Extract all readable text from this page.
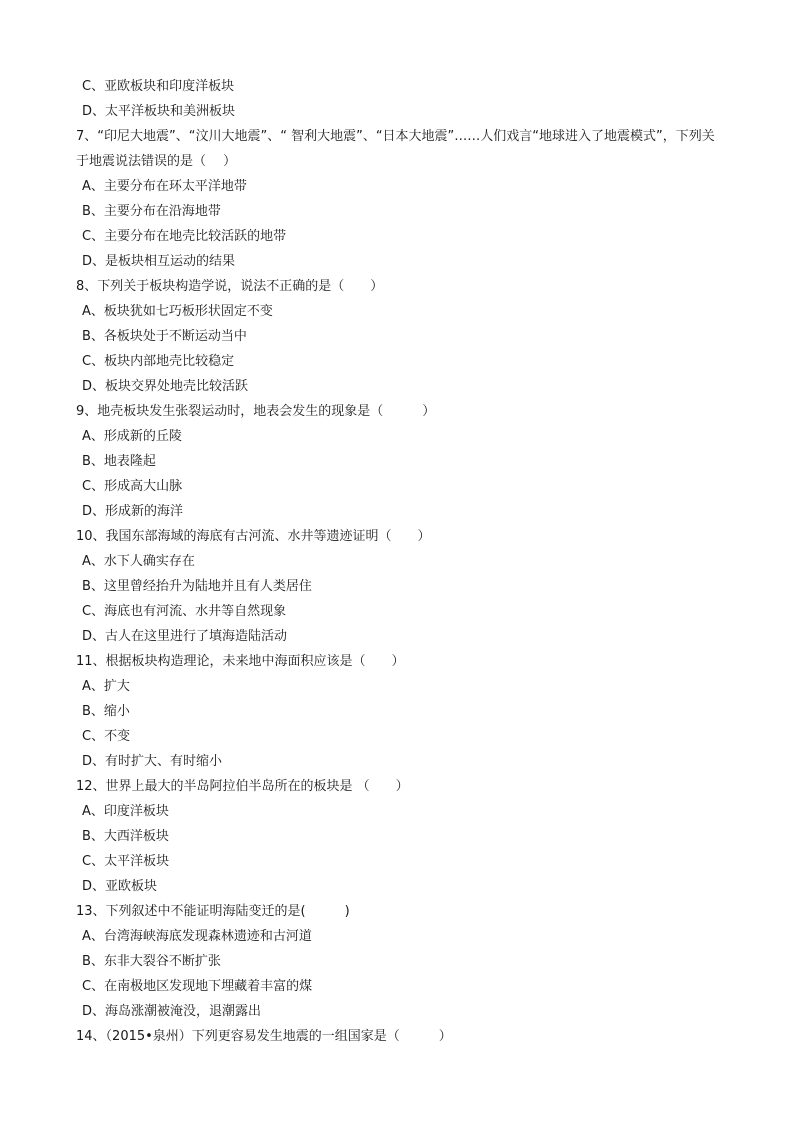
C、亚欧板块和印度洋板块
D、太平洋板块和美洲板块
7、“印尼大地震”、“汶川大地震”、“ 智利大地震”、“日本大地震”……人们戏言“地球进入了地震模式”，下列关于地震说法错误的是（　 ）
A、主要分布在环太平洋地带
B、主要分布在沿海地带
C、主要分布在地壳比较活跃的地带
D、是板块相互运动的结果
8、下列关于板块构造学说，说法不正确的是（　　）
A、板块犹如七巧板形状固定不变
B、各板块处于不断运动当中
C、板块内部地壳比较稳定
D、板块交界处地壳比较活跃
9、地壳板块发生张裂运动时，地表会发生的现象是（　　　）
A、形成新的丘陵
B、地表隆起
C、形成高大山脉
D、形成新的海洋
10、我国东部海域的海底有古河流、水井等遗迹证明（　　）
A、水下人确实存在
B、这里曾经抬升为陆地并且有人类居住
C、海底也有河流、水井等自然现象
D、古人在这里进行了填海造陆活动
11、根据板块构造理论，未来地中海面积应该是（　　）
A、扩大
B、缩小
C、不变
D、有时扩大、有时缩小
12、世界上最大的半岛阿拉伯半岛所在的板块是 （　　）
A、印度洋板块
B、大西洋板块
C、太平洋板块
D、亚欧板块
13、下列叙述中不能证明海陆变迁的是(　　　)
A、台湾海峡海底发现森林遗迹和古河道
B、东非大裂谷不断扩张
C、在南极地区发现地下埋藏着丰富的煤
D、海岛涨潮被淹没，退潮露出
14、（2015•泉州）下列更容易发生地震的一组国家是（　　　）
